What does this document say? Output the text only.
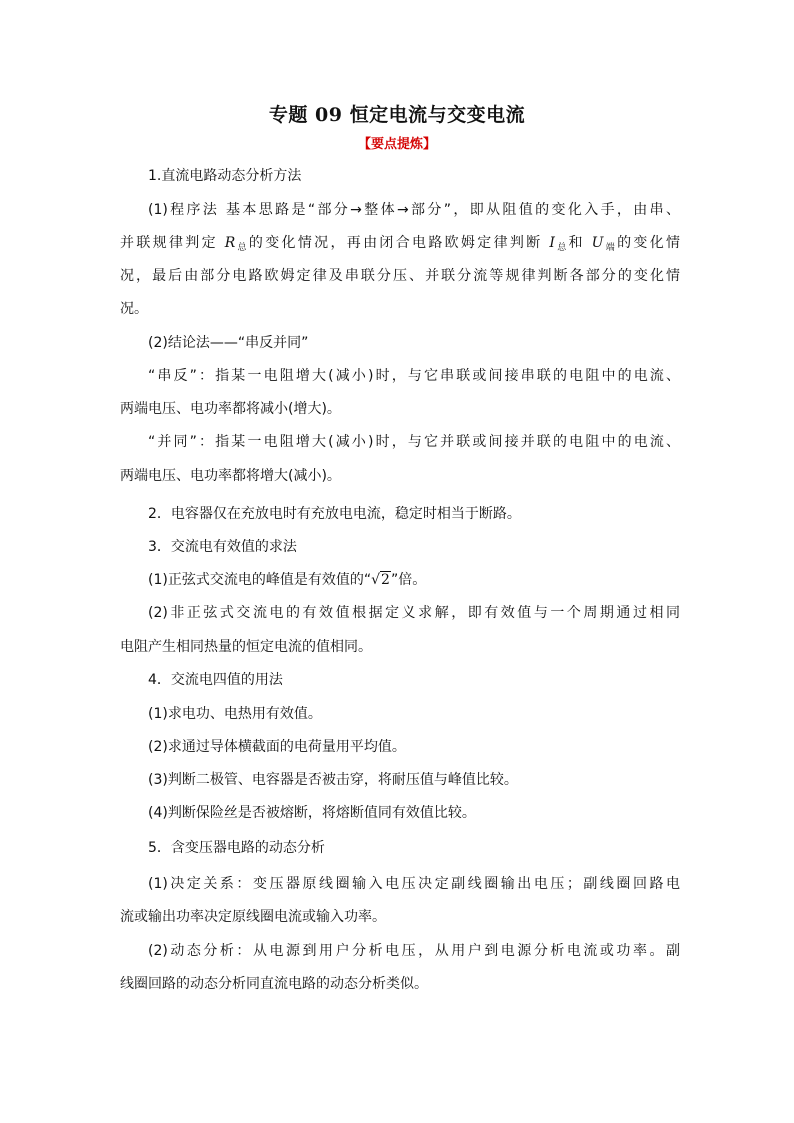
专题 09 恒定电流与交变电流
【要点提炼】
1.直流电路动态分析方法
(1)程序法 基本思路是“部分→整体→部分”，即从阻值的变化入手，由串、
并联规律判定 $R_总$的变化情况，再由闭合电路欧姆定律判断 $I_总$和 $U_端$的变化情
况，最后由部分电路欧姆定律及串联分压、并联分流等规律判断各部分的变化情
况。
(2)结论法——“串反并同”
“串反”：指某一电阻增大(减小)时，与它串联或间接串联的电阻中的电流、
两端电压、电功率都将减小(增大)。
“并同”：指某一电阻增大(减小)时，与它并联或间接并联的电阻中的电流、
两端电压、电功率都将增大(减小)。
2．电容器仅在充放电时有充放电电流，稳定时相当于断路。
3．交流电有效值的求法
(1)正弦式交流电的峰值是有效值的“√2”倍。
(2)非正弦式交流电的有效值根据定义求解，即有效值与一个周期通过相同
电阻产生相同热量的恒定电流的值相同。
4．交流电四值的用法
(1)求电功、电热用有效值。
(2)求通过导体横截面的电荷量用平均值。
(3)判断二极管、电容器是否被击穿，将耐压值与峰值比较。
(4)判断保险丝是否被熔断，将熔断值同有效值比较。
5．含变压器电路的动态分析
(1)决定关系：变压器原线圈输入电压决定副线圈输出电压；副线圈回路电
流或输出功率决定原线圈电流或输入功率。
(2)动态分析：从电源到用户分析电压，从用户到电源分析电流或功率。副
线圈回路的动态分析同直流电路的动态分析类似。
